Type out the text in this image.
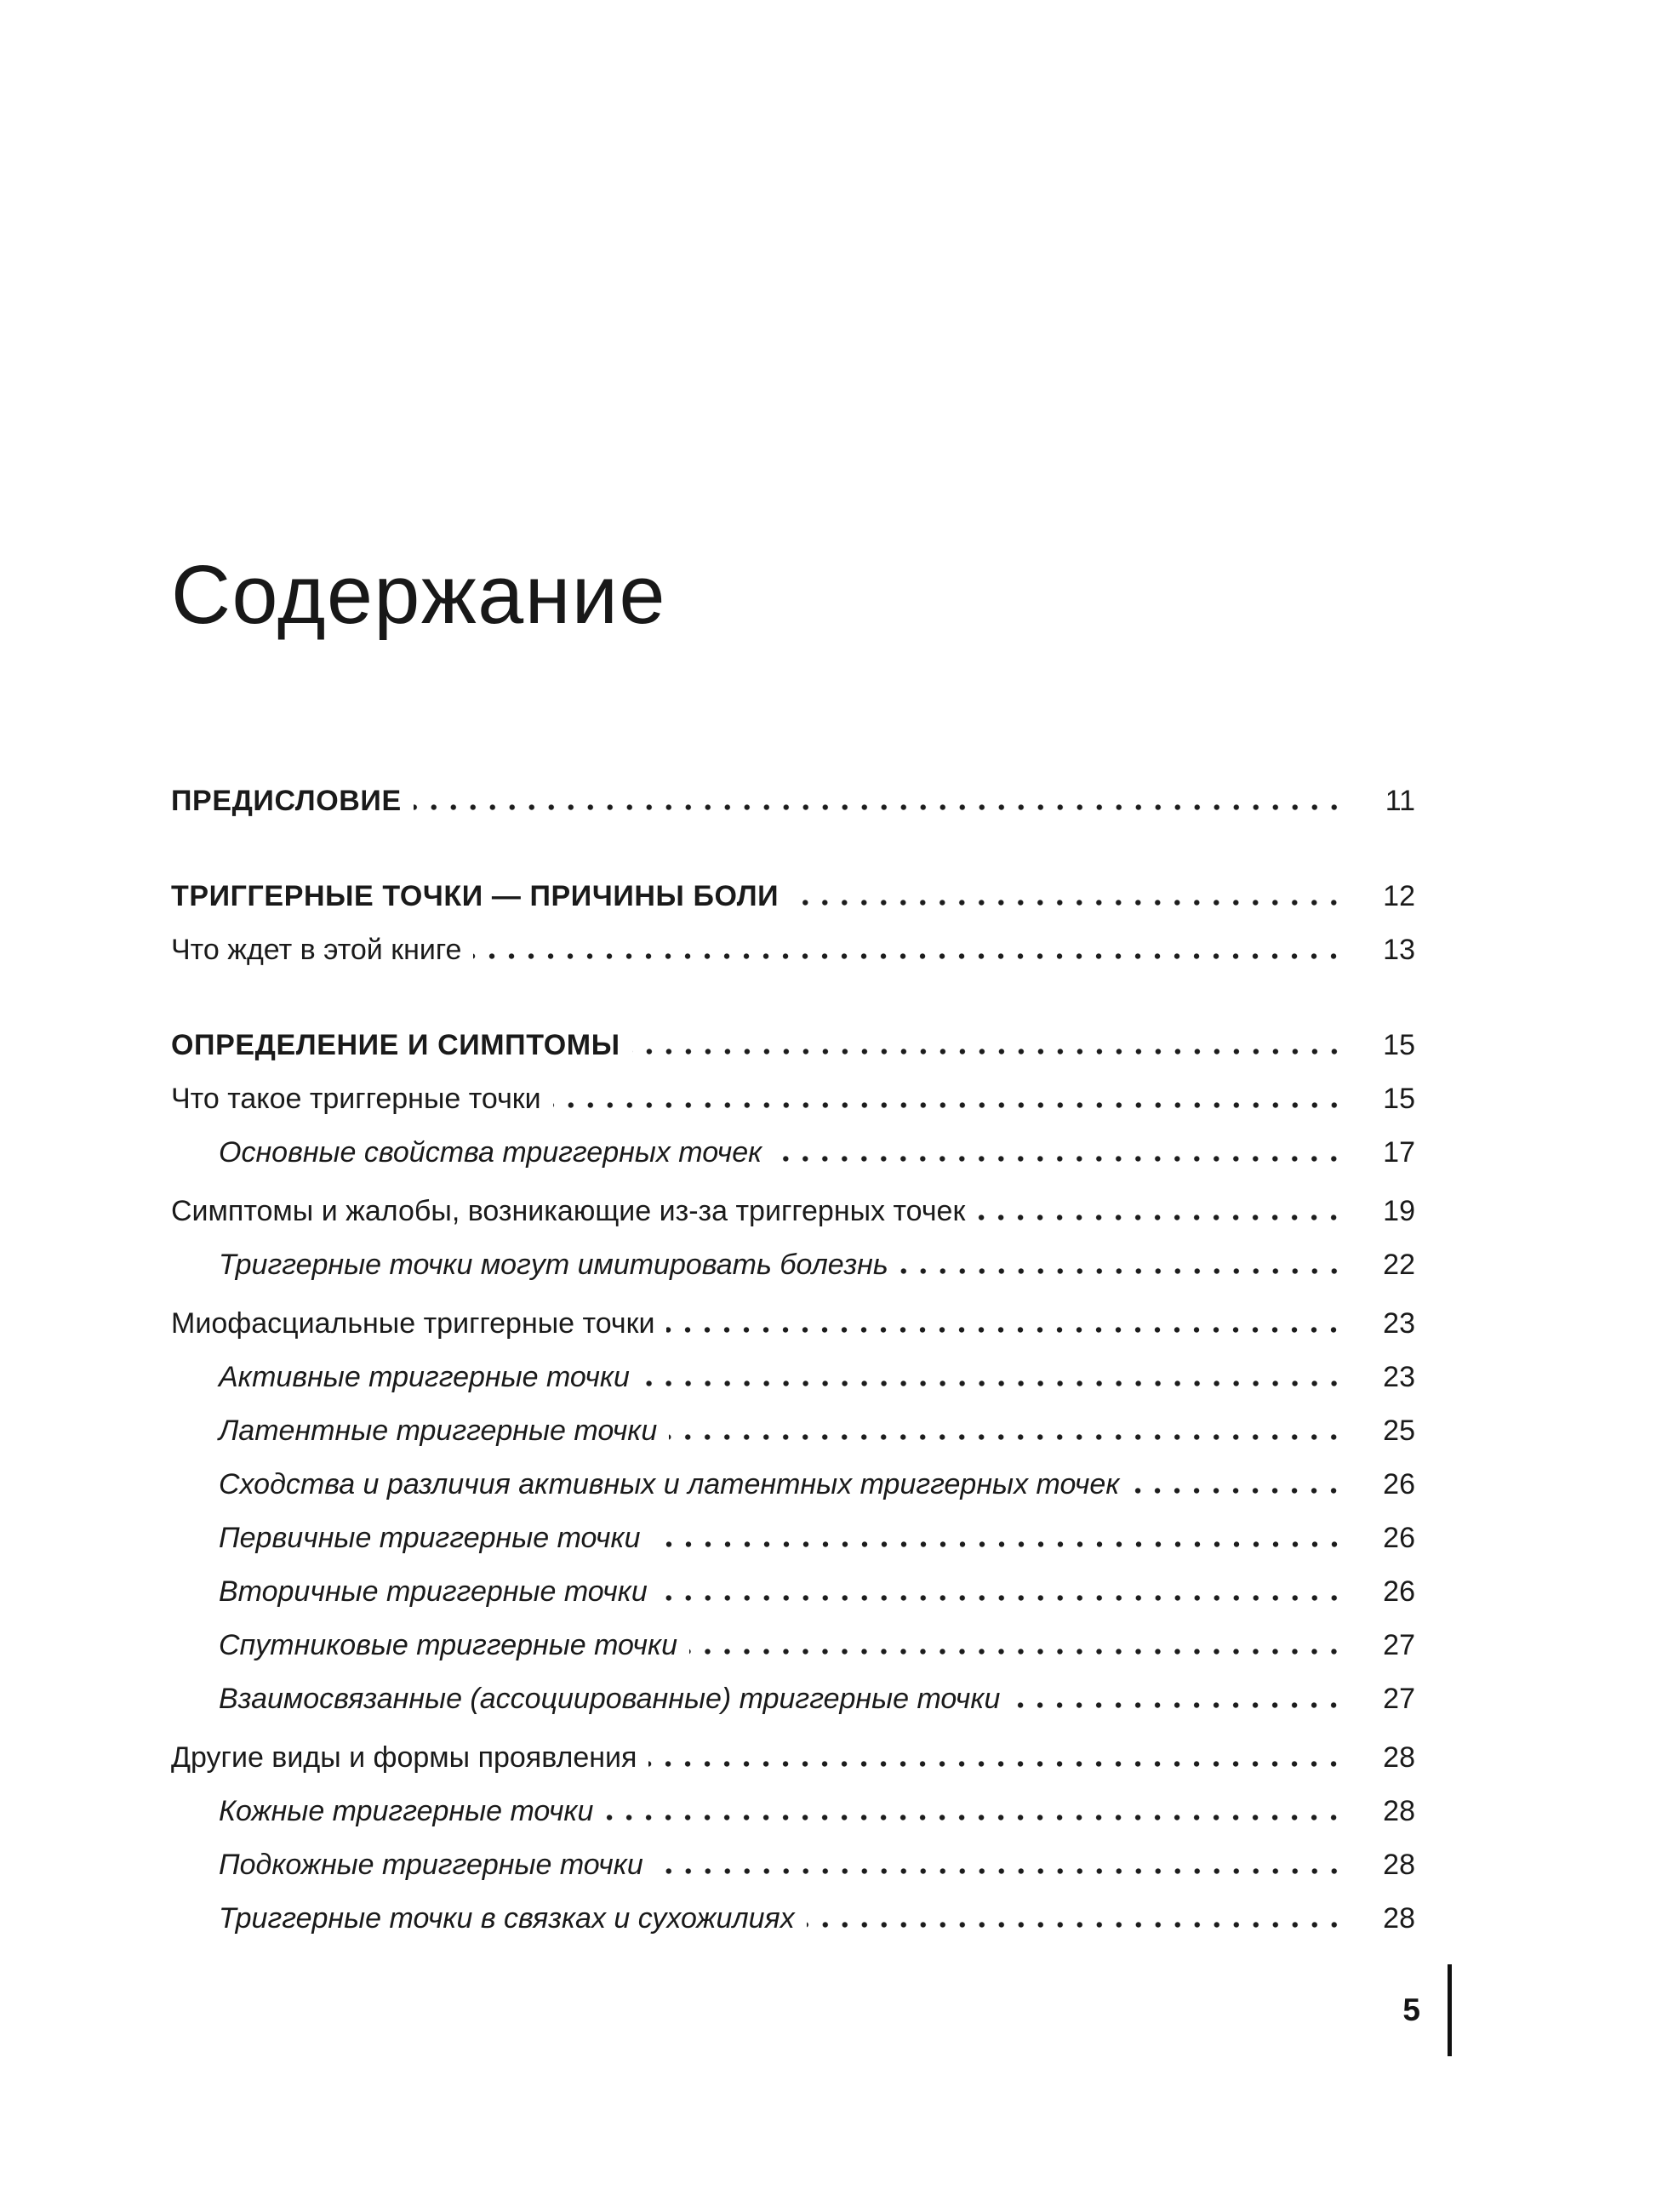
Содержание
ПРЕДИСЛОВИЕ	11
ТРИГГЕРНЫЕ ТОЧКИ — ПРИЧИНЫ БОЛИ	12
Что ждет в этой книге	13
ОПРЕДЕЛЕНИЕ И СИМПТОМЫ	15
Что такое триггерные точки	15
Основные свойства триггерных точек	17
Симптомы и жалобы, возникающие из-за триггерных точек	19
Триггерные точки могут имитировать болезнь	22
Миофасциальные триггерные точки	23
Активные триггерные точки	23
Латентные триггерные точки	25
Сходства и различия активных и латентных триггерных точек	26
Первичные триггерные точки	26
Вторичные триггерные точки	26
Спутниковые триггерные точки	27
Взаимосвязанные (ассоциированные) триггерные точки	27
Другие виды и формы проявления	28
Кожные триггерные точки	28
Подкожные триггерные точки	28
Триггерные точки в связках и сухожилиях	28
5
